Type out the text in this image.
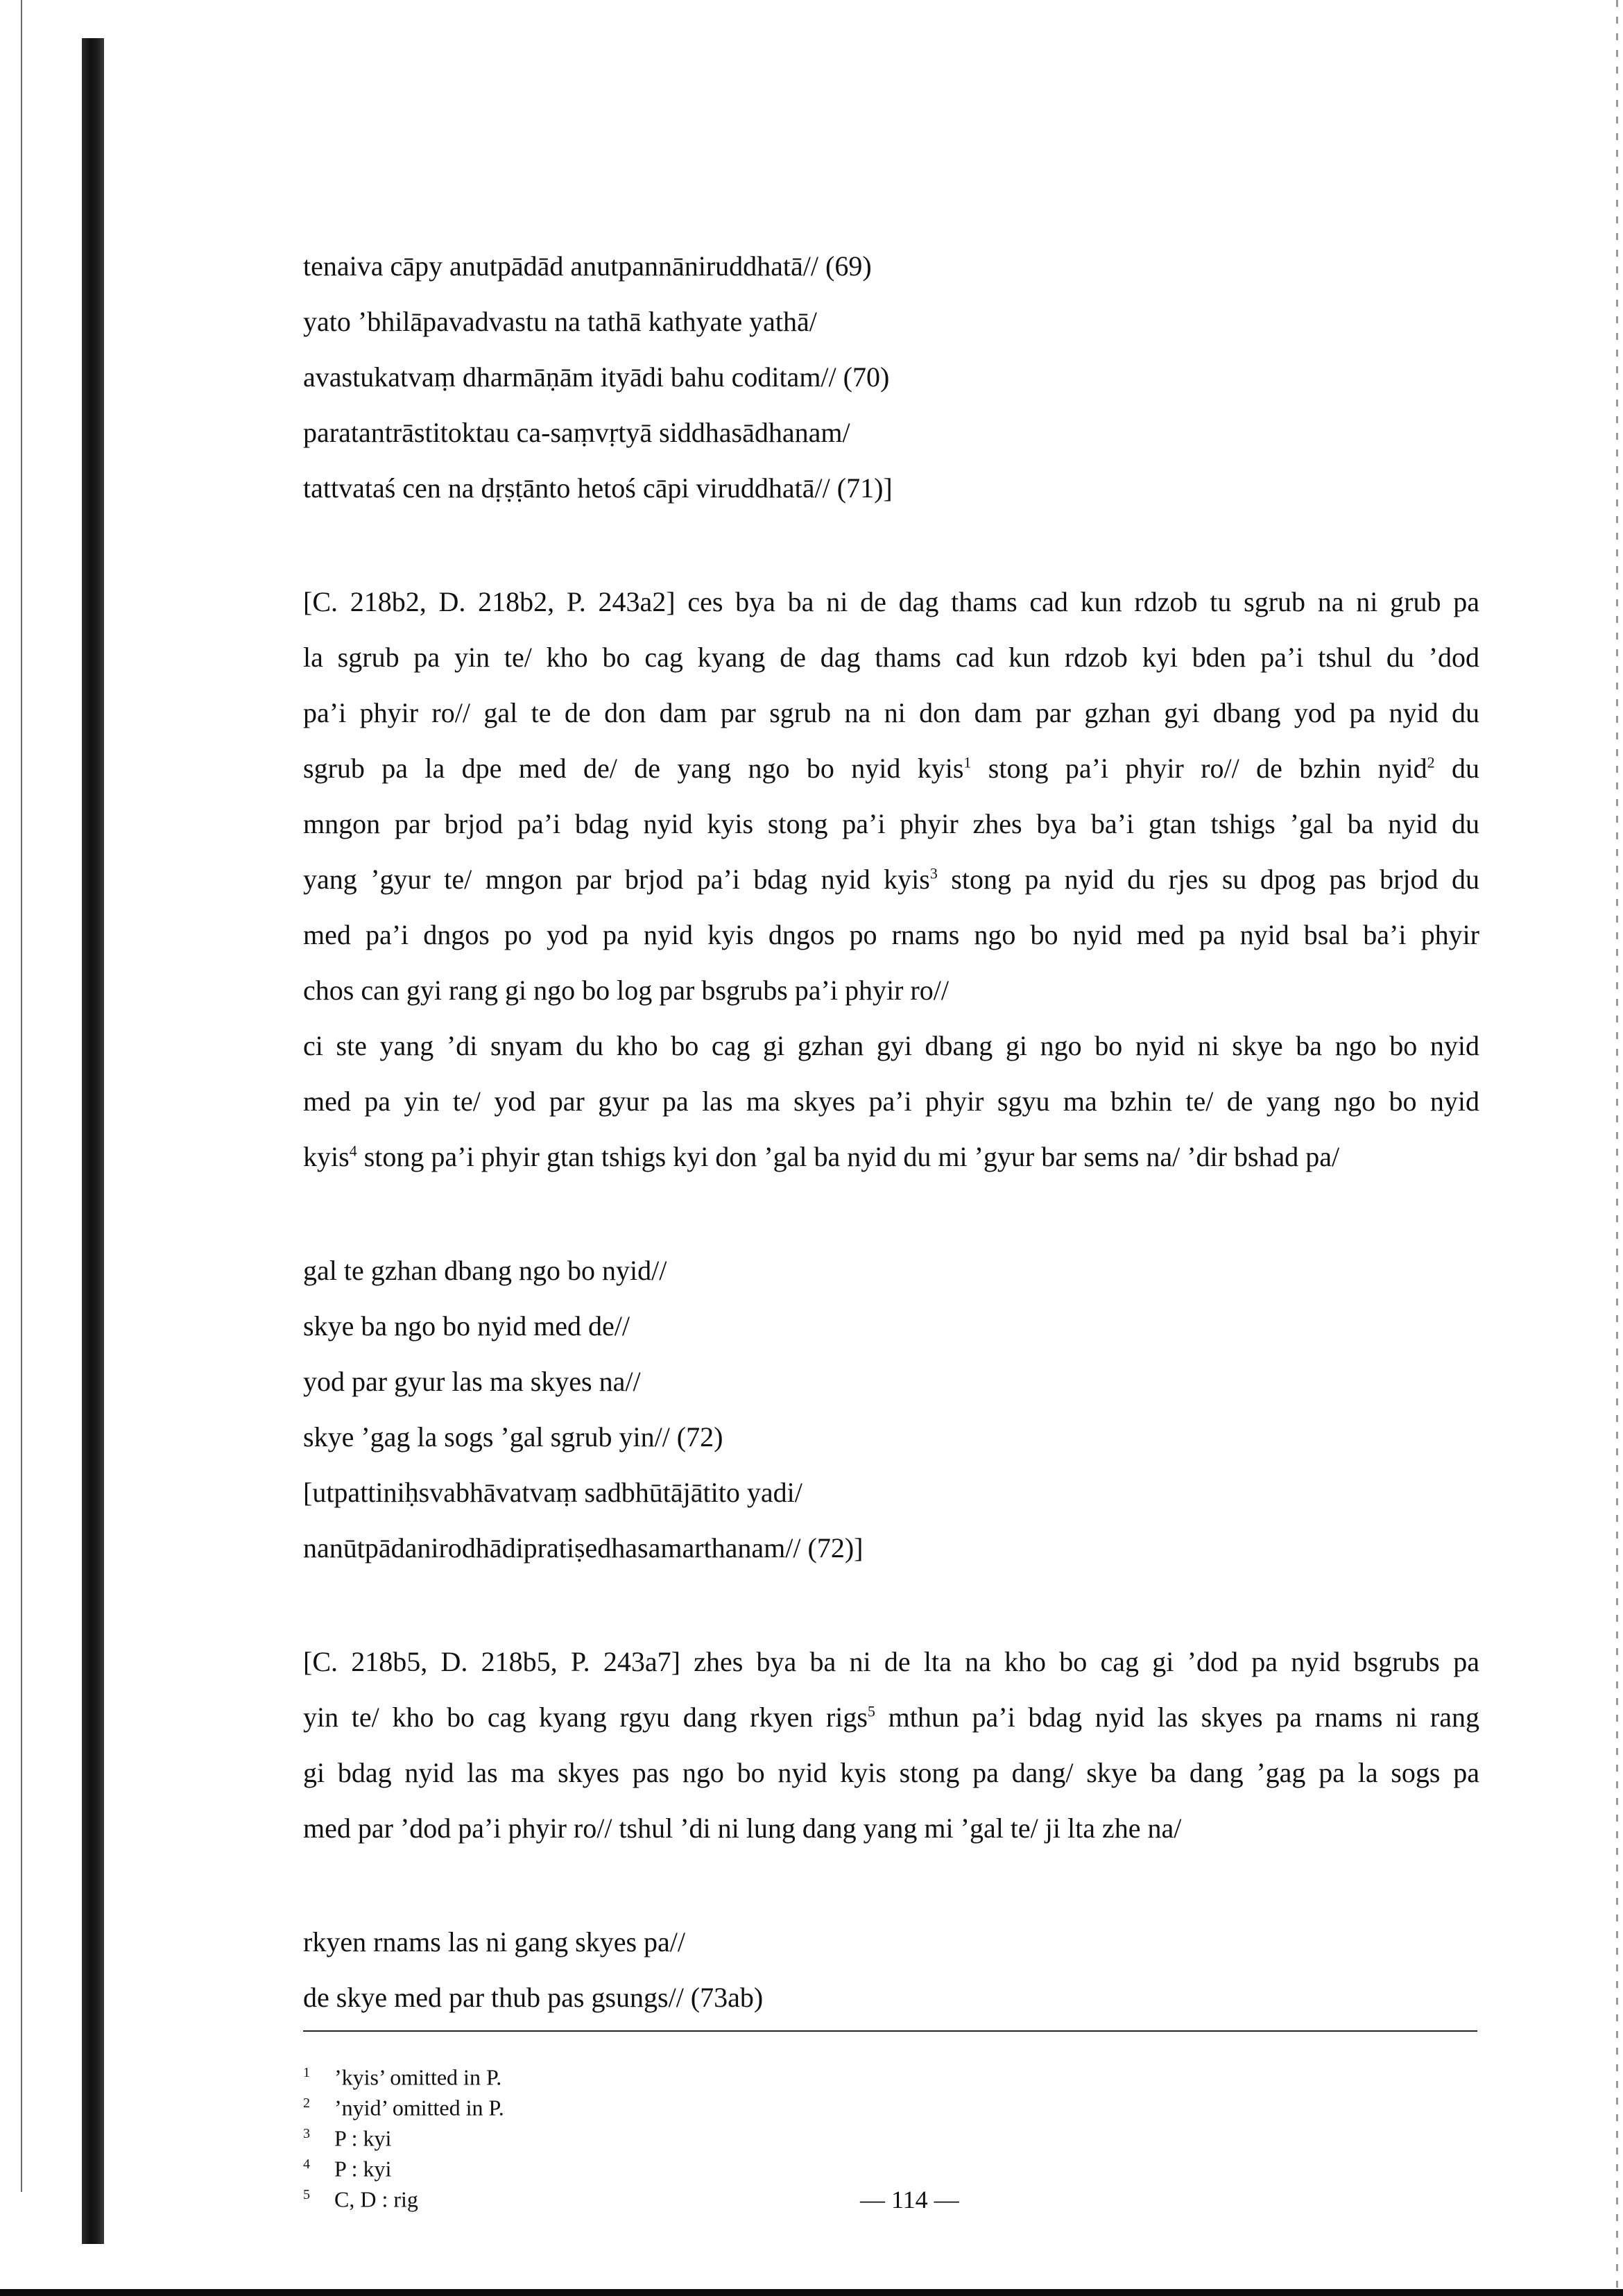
tenaiva cāpy anutpādād anutpannāniruddhatā// (69)
yato ’bhilāpavadvastu na tathā kathyate yathā/
avastukatvaṃ dharmāṇām ityādi bahu coditam// (70)
paratantrāstitoktau ca-saṃvṛtyā siddhasādhanam/
tattvataś cen na dṛṣṭānto hetoś cāpi viruddhatā// (71)]
[C. 218b2, D. 218b2, P. 243a2] ces bya ba ni de dag thams cad kun rdzob tu sgrub na ni grub pa
la sgrub pa yin te/ kho bo cag kyang de dag thams cad kun rdzob kyi bden pa’i tshul du ’dod
pa’i phyir ro// gal te de don dam par sgrub na ni don dam par gzhan gyi dbang yod pa nyid du
sgrub pa la dpe med de/ de yang ngo bo nyid kyis$^1$ stong pa’i phyir ro// de bzhin nyid$^2$ du
mngon par brjod pa’i bdag nyid kyis stong pa’i phyir zhes bya ba’i gtan tshigs ’gal ba nyid du
yang ’gyur te/ mngon par brjod pa’i bdag nyid kyis$^3$ stong pa nyid du rjes su dpog pas brjod du
med pa’i dngos po yod pa nyid kyis dngos po rnams ngo bo nyid med pa nyid bsal ba’i phyir
chos can gyi rang gi ngo bo log par bsgrubs pa’i phyir ro//
ci ste yang ’di snyam du kho bo cag gi gzhan gyi dbang gi ngo bo nyid ni skye ba ngo bo nyid
med pa yin te/ yod par gyur pa las ma skyes pa’i phyir sgyu ma bzhin te/ de yang ngo bo nyid
kyis$^4$ stong pa’i phyir gtan tshigs kyi don ’gal ba nyid du mi ’gyur bar sems na/ ’dir bshad pa/
gal te gzhan dbang ngo bo nyid//
skye ba ngo bo nyid med de//
yod par gyur las ma skyes na//
skye ’gag la sogs ’gal sgrub yin// (72)
[utpattiniḥsvabhāvatvaṃ sadbhūtājātito yadi/
nanūtpādanirodhādipratiṣedhasamarthanam// (72)]
[C. 218b5, D. 218b5, P. 243a7] zhes bya ba ni de lta na kho bo cag gi ’dod pa nyid bsgrubs pa
yin te/ kho bo cag kyang rgyu dang rkyen rigs$^5$ mthun pa’i bdag nyid las skyes pa rnams ni rang
gi bdag nyid las ma skyes pas ngo bo nyid kyis stong pa dang/ skye ba dang ’gag pa la sogs pa
med par ’dod pa’i phyir ro// tshul ’di ni lung dang yang mi ’gal te/ ji lta zhe na/
rkyen rnams las ni gang skyes pa//
de skye med par thub pas gsungs// (73ab)
1 ’kyis’ omitted in P.
2 ’nyid’ omitted in P.
3 P : kyi
4 P : kyi
5 C, D : rig	— 114 —
